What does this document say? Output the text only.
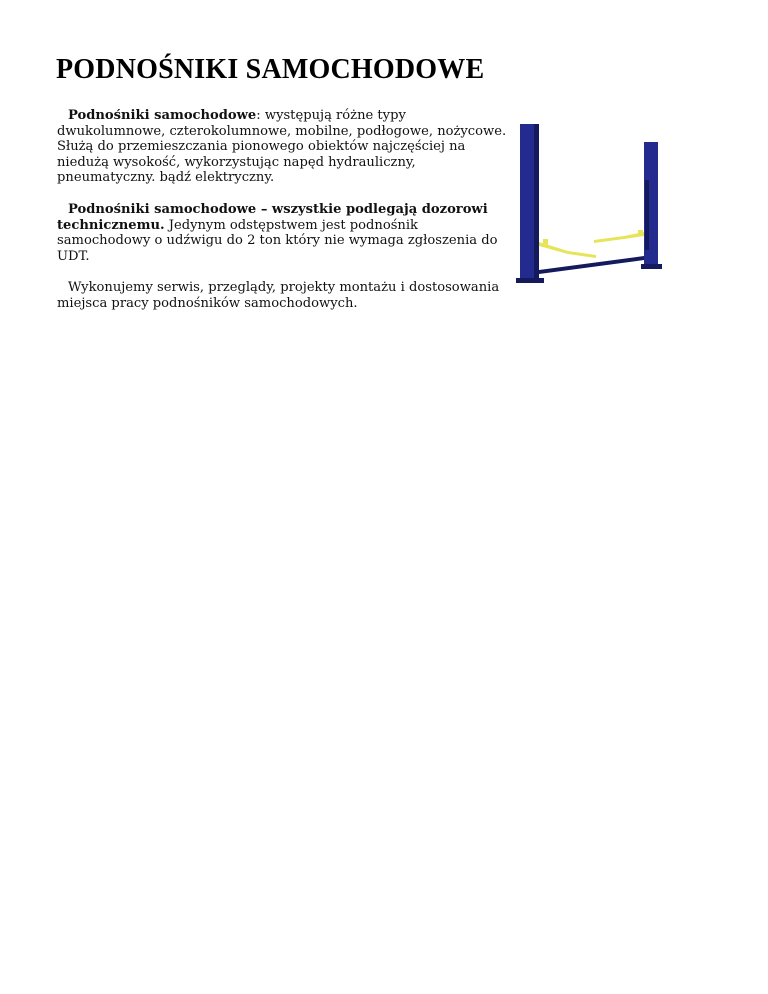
PODNOŚNIKI SAMOCHODOWE

Podnośniki samochodowe: występują różne typy dwukolumnowe, czterokolumnowe, mobilne, podłogowe, nożycowe. Służą do przemieszczania pionowego obiektów najczęściej na niedużą wysokość, wykorzystując napęd hydrauliczny, pneumatyczny. bądź elektryczny.

Podnośniki samochodowe – wszystkie podlegają dozorowi technicznemu. Jedynym odstępstwem jest podnośnik samochodowy o udźwigu do 2 ton który nie wymaga zgłoszenia do UDT.

Wykonujemy serwis, przeglądy, projekty montażu i dostosowania miejsca pracy podnośników samochodowych.
